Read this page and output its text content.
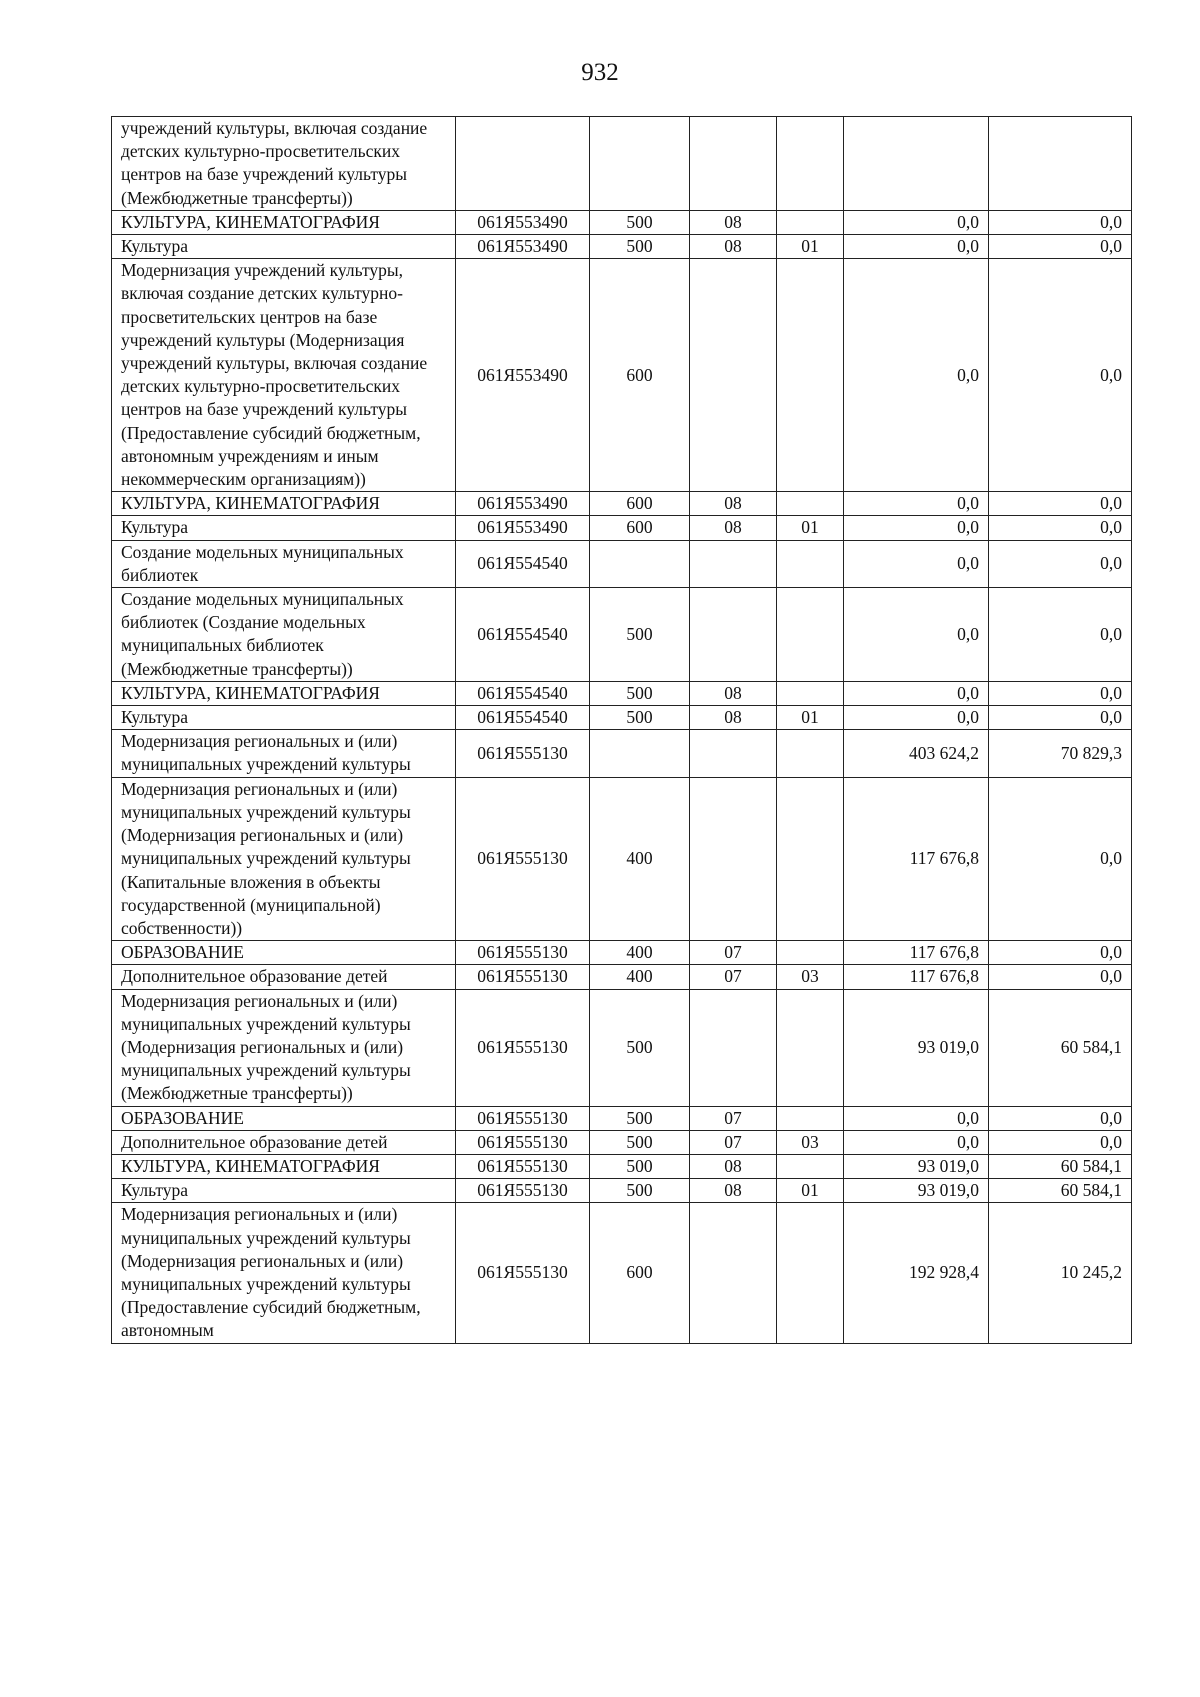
932
учреждений культуры, включая создание детских культурно-просветительских центров на базе учреждений культуры (Межбюджетные трансферты))						
КУЛЬТУРА, КИНЕМАТОГРАФИЯ	061Я553490	500	08		0,0	0,0
Культура	061Я553490	500	08	01	0,0	0,0
Модернизация учреждений культуры, включая создание детских культурно-просветительских центров на базе учреждений культуры (Модернизация учреждений культуры, включая создание детских культурно-просветительских центров на базе учреждений культуры (Предоставление субсидий бюджетным, автономным учреждениям и иным некоммерческим организациям))	061Я553490	600			0,0	0,0
КУЛЬТУРА, КИНЕМАТОГРАФИЯ	061Я553490	600	08		0,0	0,0
Культура	061Я553490	600	08	01	0,0	0,0
Создание модельных муниципальных библиотек	061Я554540				0,0	0,0
Создание модельных муниципальных библиотек (Создание модельных муниципальных библиотек (Межбюджетные трансферты))	061Я554540	500			0,0	0,0
КУЛЬТУРА, КИНЕМАТОГРАФИЯ	061Я554540	500	08		0,0	0,0
Культура	061Я554540	500	08	01	0,0	0,0
Модернизация региональных и (или) муниципальных учреждений культуры	061Я555130				403 624,2	70 829,3
Модернизация региональных и (или) муниципальных учреждений культуры (Модернизация региональных и (или) муниципальных учреждений культуры (Капитальные вложения в объекты государственной (муниципальной) собственности))	061Я555130	400			117 676,8	0,0
ОБРАЗОВАНИЕ	061Я555130	400	07		117 676,8	0,0
Дополнительное образование детей	061Я555130	400	07	03	117 676,8	0,0
Модернизация региональных и (или) муниципальных учреждений культуры (Модернизация региональных и (или) муниципальных учреждений культуры (Межбюджетные трансферты))	061Я555130	500			93 019,0	60 584,1
ОБРАЗОВАНИЕ	061Я555130	500	07		0,0	0,0
Дополнительное образование детей	061Я555130	500	07	03	0,0	0,0
КУЛЬТУРА, КИНЕМАТОГРАФИЯ	061Я555130	500	08		93 019,0	60 584,1
Культура	061Я555130	500	08	01	93 019,0	60 584,1
Модернизация региональных и (или) муниципальных учреждений культуры (Модернизация региональных и (или) муниципальных учреждений культуры (Предоставление субсидий бюджетным, автономным	061Я555130	600			192 928,4	10 245,2
